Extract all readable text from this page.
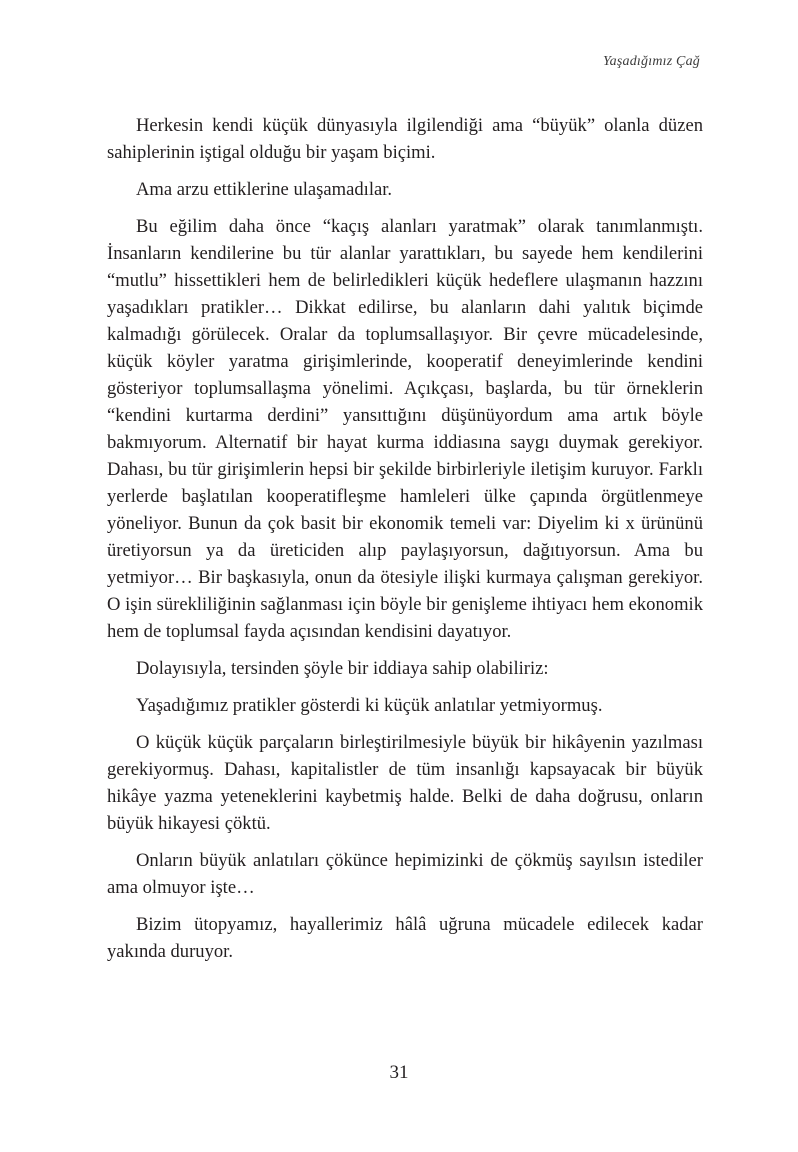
Yaşadığımız Çağ

Herkesin kendi küçük dünyasıyla ilgilendiği ama “büyük” olanla düzen sahiplerinin iştigal olduğu bir yaşam biçimi.

Ama arzu ettiklerine ulaşamadılar.

Bu eğilim daha önce “kaçış alanları yaratmak” olarak tanımlanmıştı. İnsanların kendilerine bu tür alanlar yarattıkları, bu sayede hem kendilerini “mutlu” hissettikleri hem de belirledikleri küçük hedeflere ulaşmanın hazzını yaşadıkları pratikler… Dikkat edilirse, bu alanların dahi yalıtık biçimde kalmadığı görülecek. Oralar da toplumsallaşıyor. Bir çevre mücadelesinde, küçük köyler yaratma girişimlerinde, kooperatif deneyimlerinde kendini gösteriyor toplumsallaşma yönelimi. Açıkçası, başlarda, bu tür örneklerin “kendini kurtarma derdini” yansıttığını düşünüyordum ama artık böyle bakmıyorum. Alternatif bir hayat kurma iddiasına saygı duymak gerekiyor. Dahası, bu tür girişimlerin hepsi bir şekilde birbirleriyle iletişim kuruyor. Farklı yerlerde başlatılan kooperatifleşme hamleleri ülke çapında örgütlenmeye yöneliyor. Bunun da çok basit bir ekonomik temeli var: Diyelim ki x ürününü üretiyorsun ya da üreticiden alıp paylaşıyorsun, dağıtıyorsun. Ama bu yetmiyor… Bir başkasıyla, onun da ötesiyle ilişki kurmaya çalışman gerekiyor. O işin sürekliliğinin sağlanması için böyle bir genişleme ihtiyacı hem ekonomik hem de toplumsal fayda açısından kendisini dayatıyor.

Dolayısıyla, tersinden şöyle bir iddiaya sahip olabiliriz:

Yaşadığımız pratikler gösterdi ki küçük anlatılar yetmiyormuş.

O küçük küçük parçaların birleştirilmesiyle büyük bir hikâyenin yazılması gerekiyormuş. Dahası, kapitalistler de tüm insanlığı kapsayacak bir büyük hikâye yazma yeteneklerini kaybetmiş halde. Belki de daha doğrusu, onların büyük hikayesi çöktü.

Onların büyük anlatıları çökünce hepimizinki de çökmüş sayılsın istediler ama olmuyor işte…

Bizim ütopyamız, hayallerimiz hâlâ uğruna mücadele edilecek kadar yakında duruyor.

31
